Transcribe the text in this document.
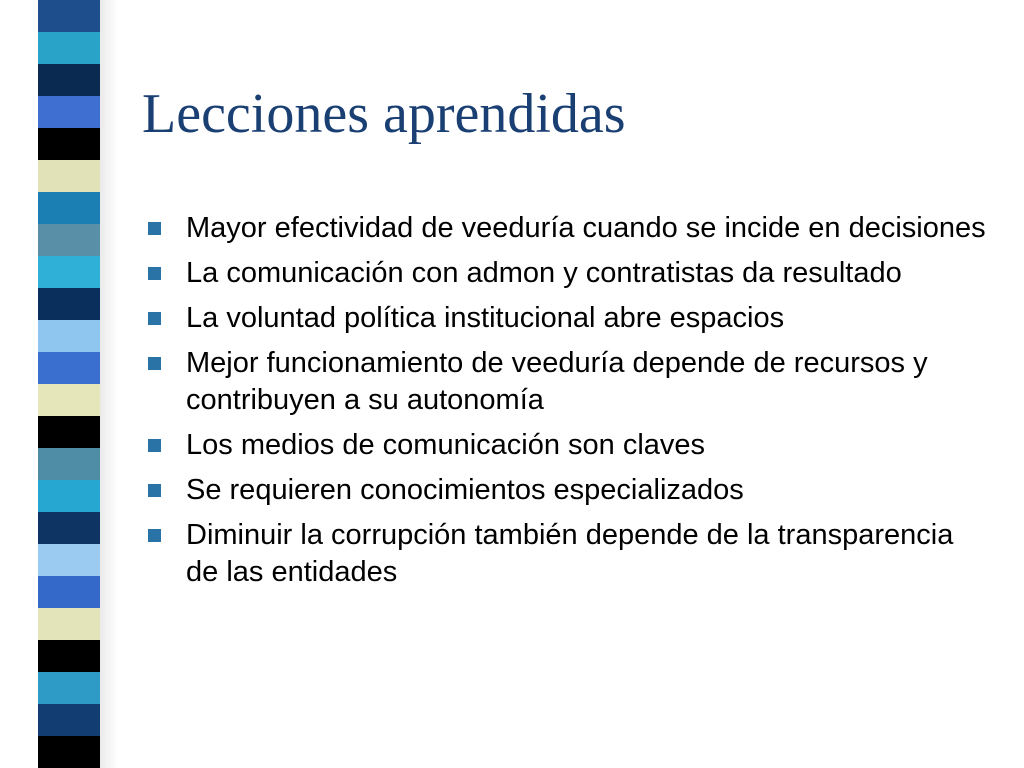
Lecciones aprendidas
Mayor efectividad de veeduría cuando se incide en decisiones
La comunicación con admon y contratistas da resultado
La voluntad política institucional abre espacios
Mejor funcionamiento de veeduría depende de recursos y contribuyen a su autonomía
Los medios de comunicación son claves
Se requieren conocimientos especializados
Diminuir la corrupción también depende de la transparencia de las entidades
